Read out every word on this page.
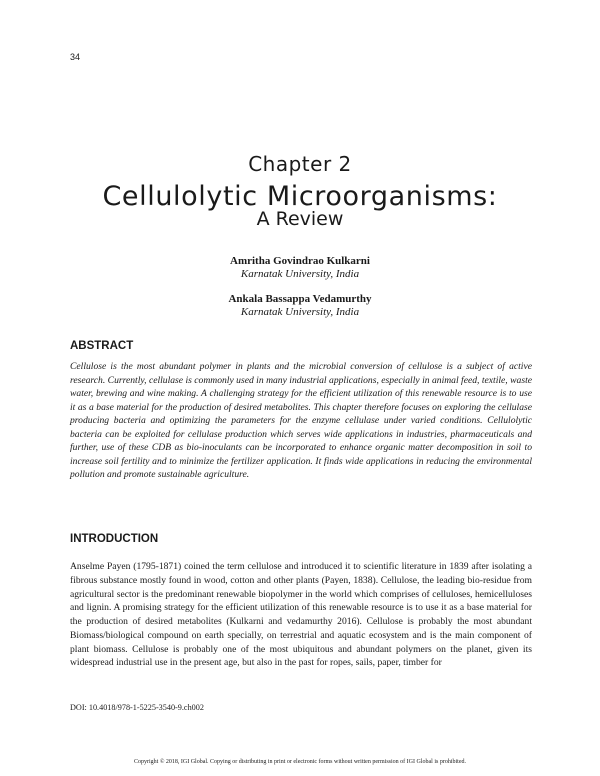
34
Chapter 2
Cellulolytic Microorganisms:
A Review
Amritha Govindrao Kulkarni
Karnatak University, India
Ankala Bassappa Vedamurthy
Karnatak University, India
ABSTRACT

Cellulose is the most abundant polymer in plants and the microbial conversion of cellulose is a subject of active research. Currently, cellulase is commonly used in many industrial applications, especially in animal feed, textile, waste water, brewing and wine making. A challenging strategy for the efficient utilization of this renewable resource is to use it as a base material for the production of desired metabolites. This chapter therefore focuses on exploring the cellulase producing bacteria and optimizing the parameters for the enzyme cellulase under varied conditions. Cellulolytic bacteria can be exploited for cellulase production which serves wide applications in industries, pharmaceuticals and further, use of these CDB as bio-inoculants can be incorporated to enhance organic matter decomposition in soil to increase soil fertility and to minimize the fertilizer application. It finds wide applications in reducing the environmental pollution and promote sustainable agriculture.

INTRODUCTION

Anselme Payen (1795-1871) coined the term cellulose and introduced it to scientific literature in 1839 after isolating a fibrous substance mostly found in wood, cotton and other plants (Payen, 1838). Cellulose, the leading bio-residue from agricultural sector is the predominant renewable biopolymer in the world which comprises of celluloses, hemicelluloses and lignin. A promising strategy for the efficient utilization of this renewable resource is to use it as a base material for the production of desired metabolites (Kulkarni and vedamurthy 2016). Cellulose is probably the most abundant Biomass/biological compound on earth specially, on terrestrial and aquatic ecosystem and is the main component of plant biomass. Cellulose is probably one of the most ubiquitous and abundant polymers on the planet, given its widespread industrial use in the present age, but also in the past for ropes, sails, paper, timber for

DOI: 10.4018/978-1-5225-3540-9.ch002
Copyright © 2018, IGI Global. Copying or distributing in print or electronic forms without written permission of IGI Global is prohibited.
